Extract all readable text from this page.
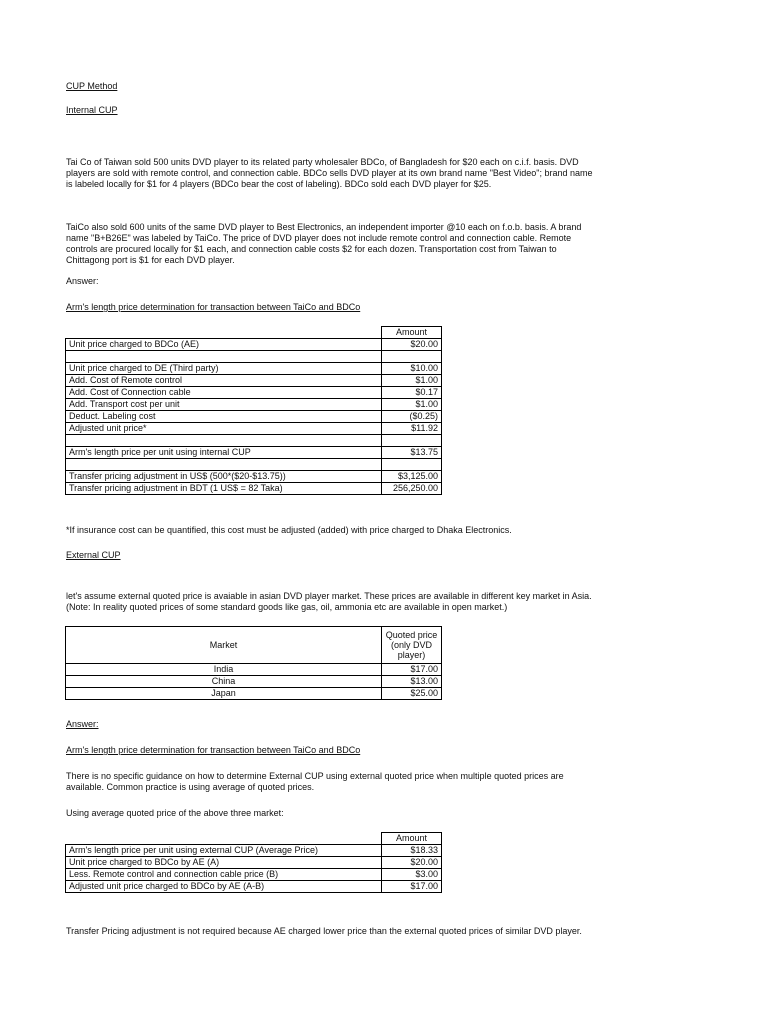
CUP Method
Internal CUP
Tai Co of Taiwan sold 500 units DVD player to its related party wholesaler BDCo, of Bangladesh for $20 each on c.i.f. basis. DVD players are sold with remote control, and connection cable. BDCo sells DVD player at its own brand name "Best Video"; brand name is labeled locally for $1 for 4 players (BDCo bear the cost of labeling). BDCo sold each DVD player for $25.
TaiCo also sold 600 units of the same DVD player to Best Electronics, an independent importer @10 each on f.o.b. basis. A brand name "B+B26E" was labeled by TaiCo. The price of DVD player does not include remote control and connection cable. Remote controls are procured locally for $1 each, and connection cable costs $2 for each dozen. Transportation cost from Taiwan to Chittagong port is $1 for each DVD player.
Answer:
Arm's length price determination for transaction between TaiCo and BDCo
	Amount
Unit price charged to BDCo (AE)	$20.00

Unit price charged to DE (Third party)	$10.00
Add. Cost of Remote control	$1.00
Add. Cost of Connection cable	$0.17
Add. Transport cost per unit	$1.00
Deduct. Labeling cost	($0.25)
Adjusted unit price*	$11.92

Arm's length price per unit using internal CUP	$13.75

Transfer pricing adjustment in US$ (500*($20-$13.75))	$3,125.00
Transfer pricing adjustment in BDT (1 US$ = 82 Taka)	256,250.00
*If insurance cost can be quantified, this cost must be adjusted (added) with price charged to Dhaka Electronics.
External CUP
let's assume external quoted price is avaiable in asian DVD player market. These prices are available in different key market in Asia. (Note: In reality quoted prices of some standard goods like gas, oil, ammonia etc are available in open market.)
Market	Quoted price
(only DVD
player)

India	$17.00
China	$13.00
Japan	$25.00
Answer:
Arm's length price determination for transaction between TaiCo and BDCo
There is no specific guidance on how to determine External CUP using external quoted price when multiple quoted prices are available. Common practice is using average of quoted prices.
Using average quoted price of the above three market:
	Amount
Arm's length price per unit using external CUP (Average Price)	$18.33
Unit price charged to BDCo by AE (A)	$20.00
Less. Remote control and connection cable price (B)	$3.00
Adjusted unit price charged to BDCo by AE (A-B)	$17.00
Transfer Pricing adjustment is not required because AE charged lower price than the external quoted prices of similar DVD player.
